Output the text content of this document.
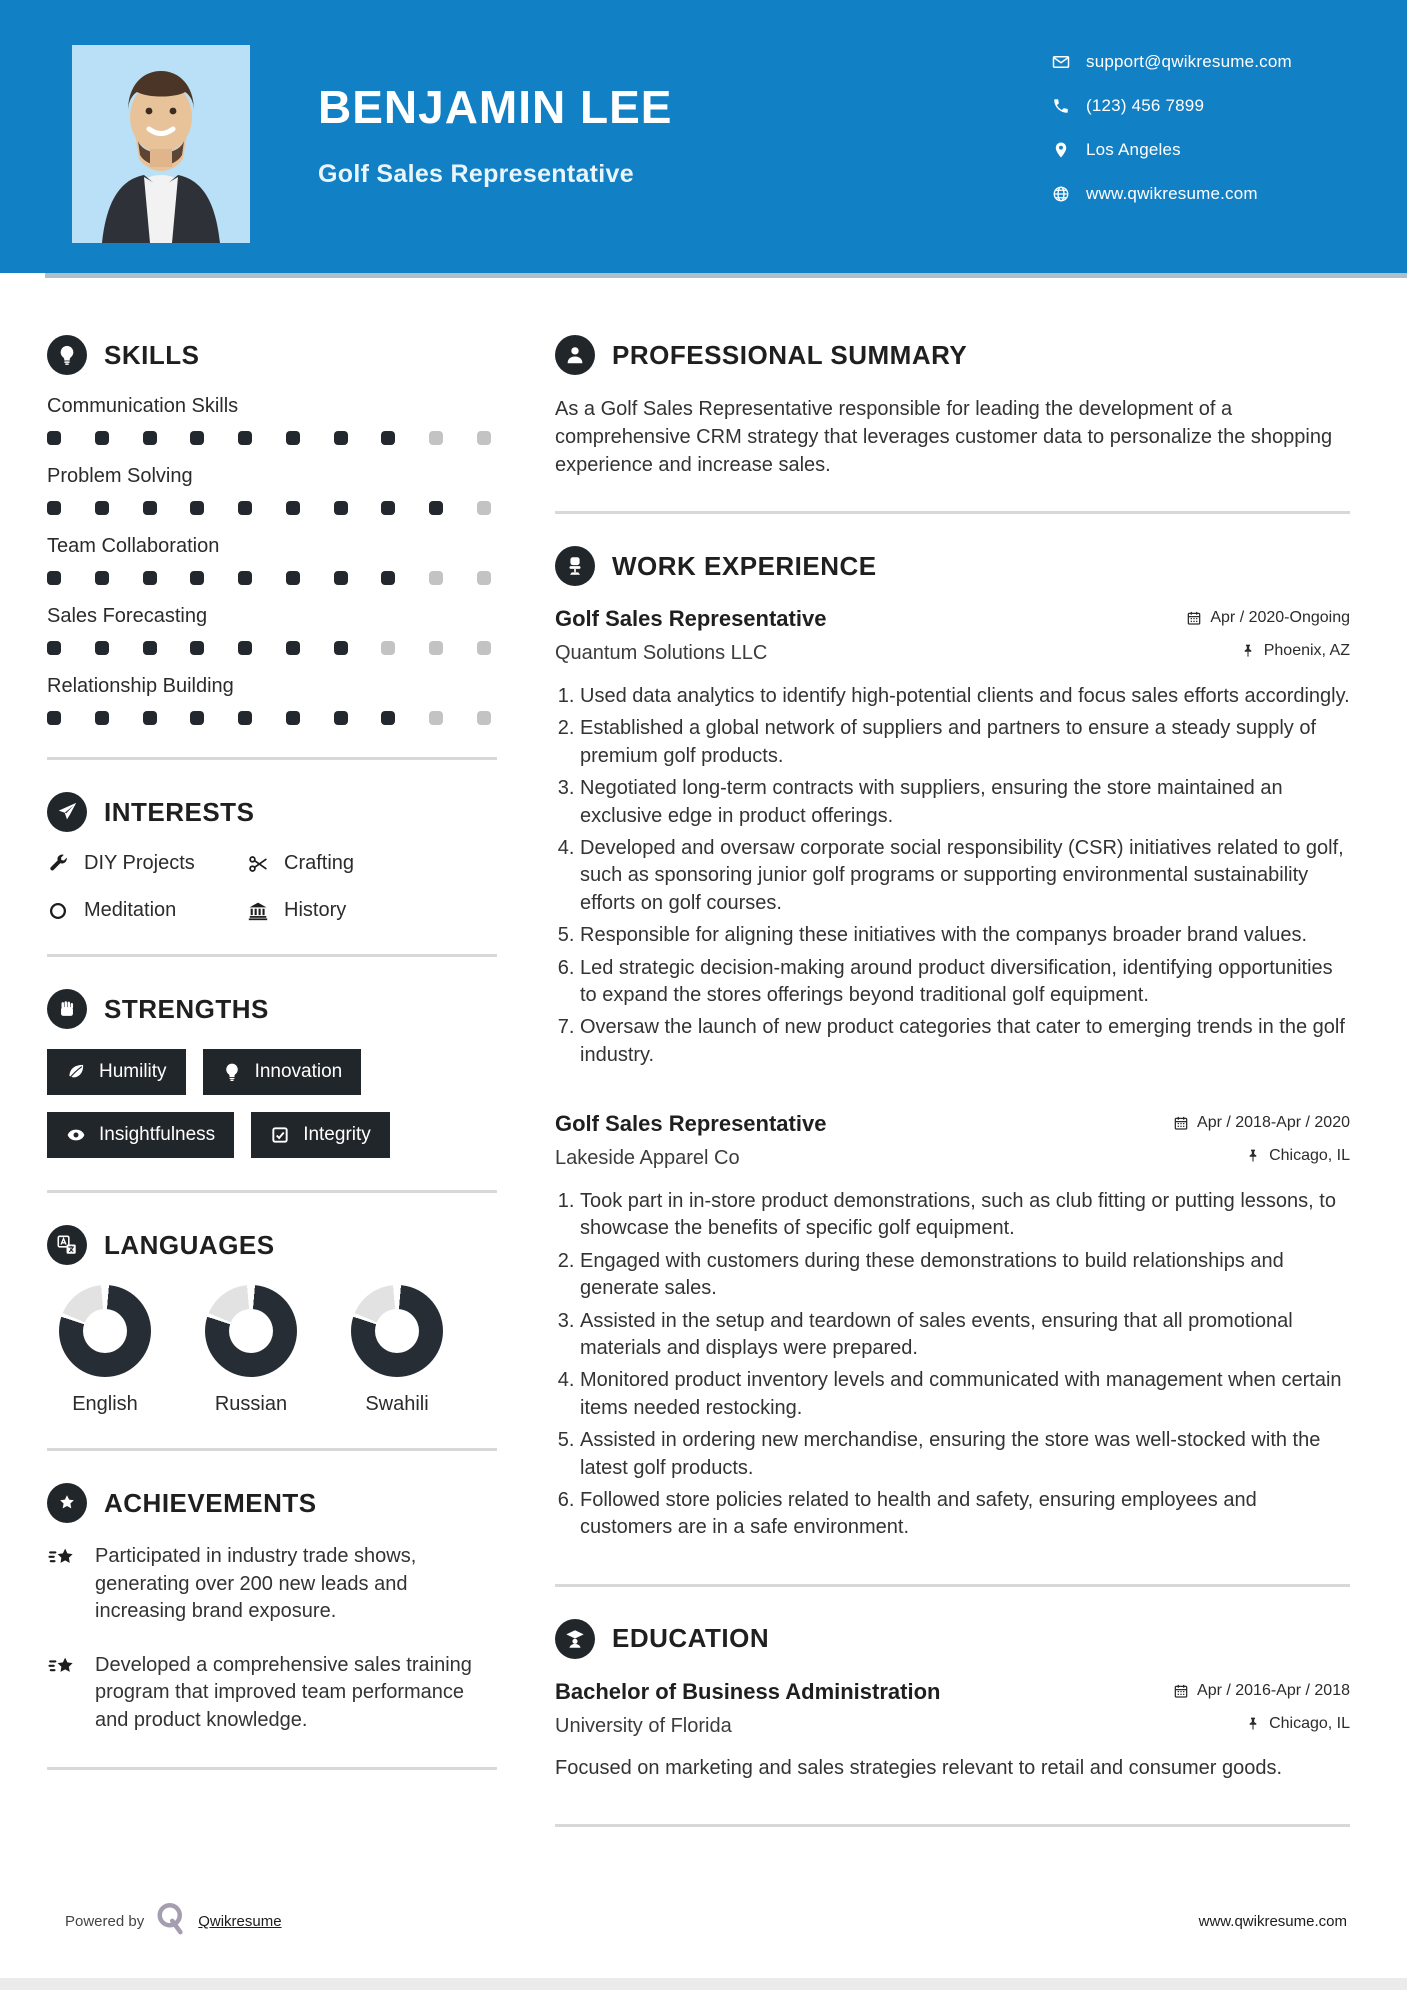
BENJAMIN LEE
Golf Sales Representative
support@qwikresume.com
(123) 456 7899
Los Angeles
www.qwikresume.com
SKILLS
Communication Skills
Problem Solving
Team Collaboration
Sales Forecasting
Relationship Building
INTERESTS
DIY Projects	Crafting
Meditation	History
STRENGTHS
Humility	Innovation
Insightfulness	Integrity
LANGUAGES
English	Russian	Swahili
ACHIEVEMENTS

Participated in industry trade shows, generating over 200 new leads and increasing brand exposure.

Developed a comprehensive sales training program that improved team performance and product knowledge.

PROFESSIONAL SUMMARY

As a Golf Sales Representative responsible for leading the development of a comprehensive CRM strategy that leverages customer data to personalize the shopping experience and increase sales.

WORK EXPERIENCE
Golf Sales Representative	Apr / 2020-Ongoing
Quantum Solutions LLC	Phoenix, AZ
1. Used data analytics to identify high-potential clients and focus sales efforts accordingly.
2. Established a global network of suppliers and partners to ensure a steady supply of premium golf products.
3. Negotiated long-term contracts with suppliers, ensuring the store maintained an exclusive edge in product offerings.
4. Developed and oversaw corporate social responsibility (CSR) initiatives related to golf, such as sponsoring junior golf programs or supporting environmental sustainability efforts on golf courses.
5. Responsible for aligning these initiatives with the companys broader brand values.
6. Led strategic decision-making around product diversification, identifying opportunities to expand the stores offerings beyond traditional golf equipment.
7. Oversaw the launch of new product categories that cater to emerging trends in the golf industry.
Golf Sales Representative	Apr / 2018-Apr / 2020
Lakeside Apparel Co	Chicago, IL
1. Took part in in-store product demonstrations, such as club fitting or putting lessons, to showcase the benefits of specific golf equipment.
2. Engaged with customers during these demonstrations to build relationships and generate sales.
3. Assisted in the setup and teardown of sales events, ensuring that all promotional materials and displays were prepared.
4. Monitored product inventory levels and communicated with management when certain items needed restocking.
5. Assisted in ordering new merchandise, ensuring the store was well-stocked with the latest golf products.
6. Followed store policies related to health and safety, ensuring employees and customers are in a safe environment.
EDUCATION
Bachelor of Business Administration	Apr / 2016-Apr / 2018
University of Florida	Chicago, IL

Focused on marketing and sales strategies relevant to retail and consumer goods.

Powered by	Qwikresume	www.qwikresume.com
